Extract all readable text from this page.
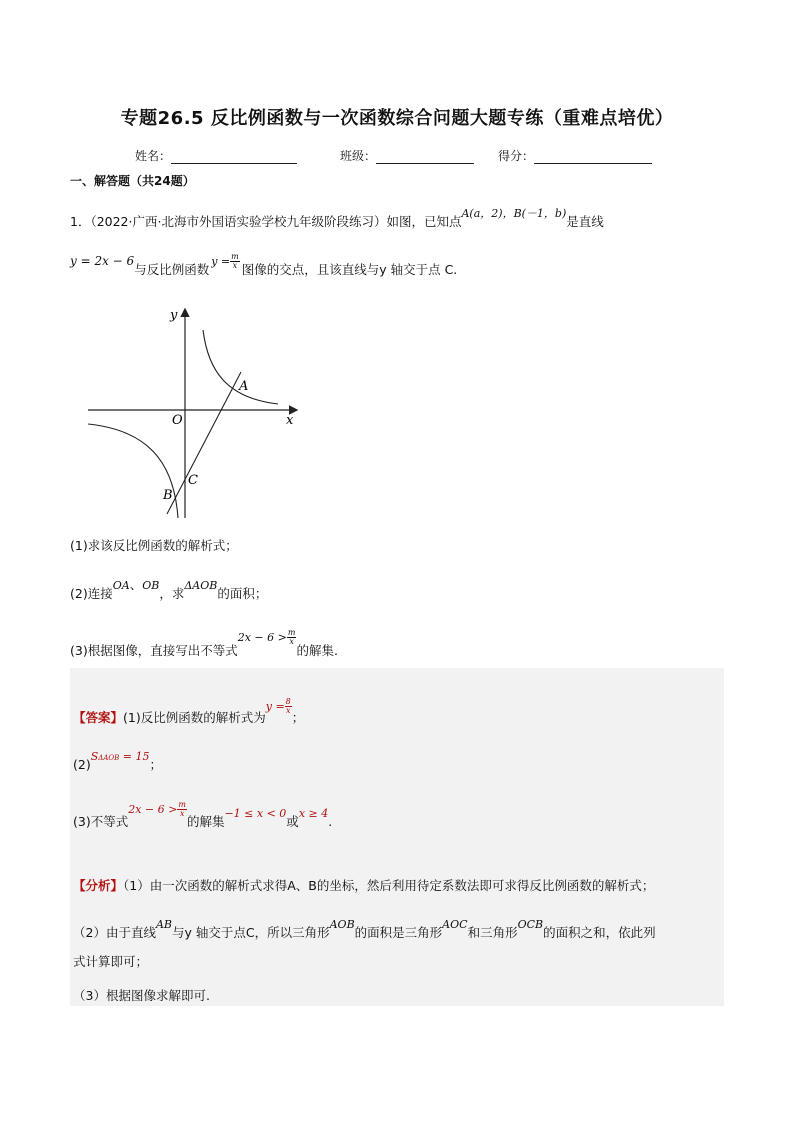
专题26.5 反比例函数与一次函数综合问题大题专练（重难点培优）
姓名：	班级：	得分：
一、解答题（共24题）
1．（2022·广西·北海市外国语实验学校九年级阶段练习）如图，已知点A(a，2)，B(－1，b)是直线
y = 2x − 6与反比例函数$y = \frac{m}{x}$ 图像的交点，且该直线与y 轴交于点 C.
y
x
O
A
B
C
(1)求该反比例函数的解析式；
(2)连接OA、OB，求ΔAOB的面积；
(3)根据图像，直接写出不等式$2x - 6 > \frac{m}{x}$
的解集.
【答案】(1)反比例函数的解析式为$y = \frac{8}{x}$
；
(2)SΔAOB = 15；
(3)不等式$2x - 6 > \frac{m}{x}$
的解集−1 ≤ x < 0或x ≥ 4.
【分析】（1）由一次函数的解析式求得A、B的坐标，然后利用待定系数法即可求得反比例函数的解析式；
（2）由于直线AB与y 轴交于点C，所以三角形AOB的面积是三角形AOC和三角形OCB的面积之和，依此列
式计算即可；
（3）根据图像求解即可.
